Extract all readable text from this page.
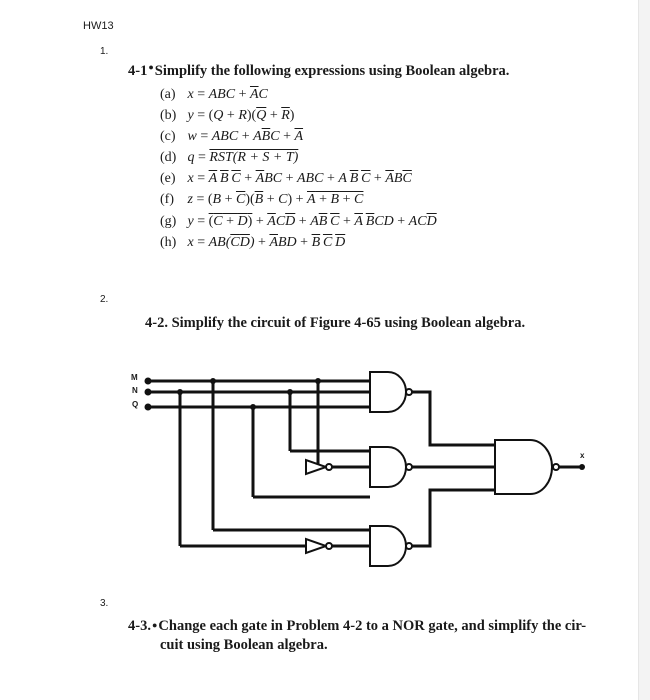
HW13
1.
4-1●Simplify the following expressions using Boolean algebra.
(a) x = ABC + $\overline{A}C$
(b) $y = (Q + R)(\overline{Q} + \overline{R})$
(c) w = ABC + $A\overline{B}C + \overline{A}$
(d) q = RST(R + S + T)
(e) $x = \overline{A}$  $\overline{B}$  $\overline{C} + \overline{A}BC$ + ABC + A $\overline{B}$  $\overline{C} + \overline{A}B\overline{C}$
(f) $z = (B + \overline{C})(\overline{B} + C) + A + B + C$
(g) $y = (C + D) + \overline{A}C\overline{D} + A\overline{B}$  $\overline{C} + \overline{A}$  $\overline{B}CD + AC\overline{D}$
(h) $x = AB(CD) + \overline{A}BD + \overline{B}$  $\overline{C}$  $\overline{D}$
2.
4-2. Simplify the circuit of Figure 4-65 using Boolean algebra.
M
N
Q
x
3.
4-3.●Change each gate in Problem 4-2 to a NOR gate, and simplify the cir-
cuit using Boolean algebra.
